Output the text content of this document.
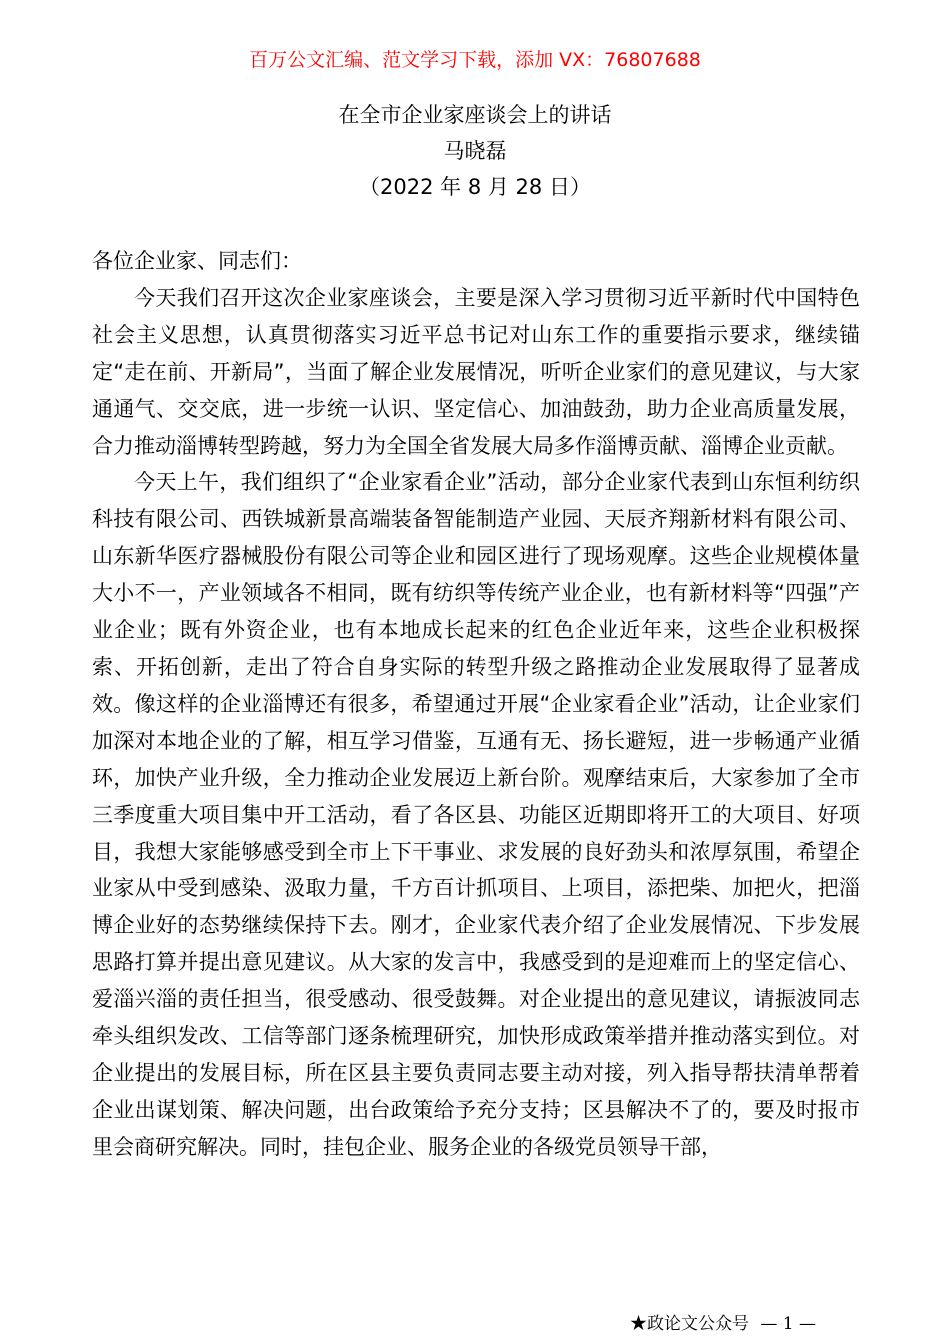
百万公文汇编、范文学习下载，添加 VX：76807688
在全市企业家座谈会上的讲话
马晓磊
（2022 年 8 月 28 日）

各位企业家、同志们：

今天我们召开这次企业家座谈会，主要是深入学习贯彻习近平新时代中国特色社会主义思想，认真贯彻落实习近平总书记对山东工作的重要指示要求，继续锚定“走在前、开新局”，当面了解企业发展情况，听听企业家们的意见建议，与大家通通气、交交底，进一步统一认识、坚定信心、加油鼓劲，助力企业高质量发展，合力推动淄博转型跨越，努力为全国全省发展大局多作淄博贡献、淄博企业贡献。

今天上午，我们组织了“企业家看企业”活动，部分企业家代表到山东恒利纺织科技有限公司、西铁城新景高端装备智能制造产业园、天辰齐翔新材料有限公司、山东新华医疗器械股份有限公司等企业和园区进行了现场观摩。这些企业规模体量大小不一，产业领域各不相同，既有纺织等传统产业企业，也有新材料等“四强”产业企业；既有外资企业，也有本地成长起来的红色企业近年来，这些企业积极探索、开拓创新，走出了符合自身实际的转型升级之路推动企业发展取得了显著成效。像这样的企业淄博还有很多，希望通过开展“企业家看企业”活动，让企业家们加深对本地企业的了解，相互学习借鉴，互通有无、扬长避短，进一步畅通产业循环，加快产业升级，全力推动企业发展迈上新台阶。观摩结束后，大家参加了全市三季度重大项目集中开工活动，看了各区县、功能区近期即将开工的大项目、好项目，我想大家能够感受到全市上下干事业、求发展的良好劲头和浓厚氛围，希望企业家从中受到感染、汲取力量，千方百计抓项目、上项目，添把柴、加把火，把淄博企业好的态势继续保持下去。刚才，企业家代表介绍了企业发展情况、下步发展思路打算并提出意见建议。从大家的发言中，我感受到的是迎难而上的坚定信心、爱淄兴淄的责任担当，很受感动、很受鼓舞。对企业提出的意见建议，请振波同志牵头组织发改、工信等部门逐条梳理研究，加快形成政策举措并推动落实到位。对企业提出的发展目标，所在区县主要负责同志要主动对接，列入指导帮扶清单帮着企业出谋划策、解决问题，出台政策给予充分支持；区县解决不了的，要及时报市里会商研究解决。同时，挂包企业、服务企业的各级党员领导干部，

★政论文公众号 — 1 —
